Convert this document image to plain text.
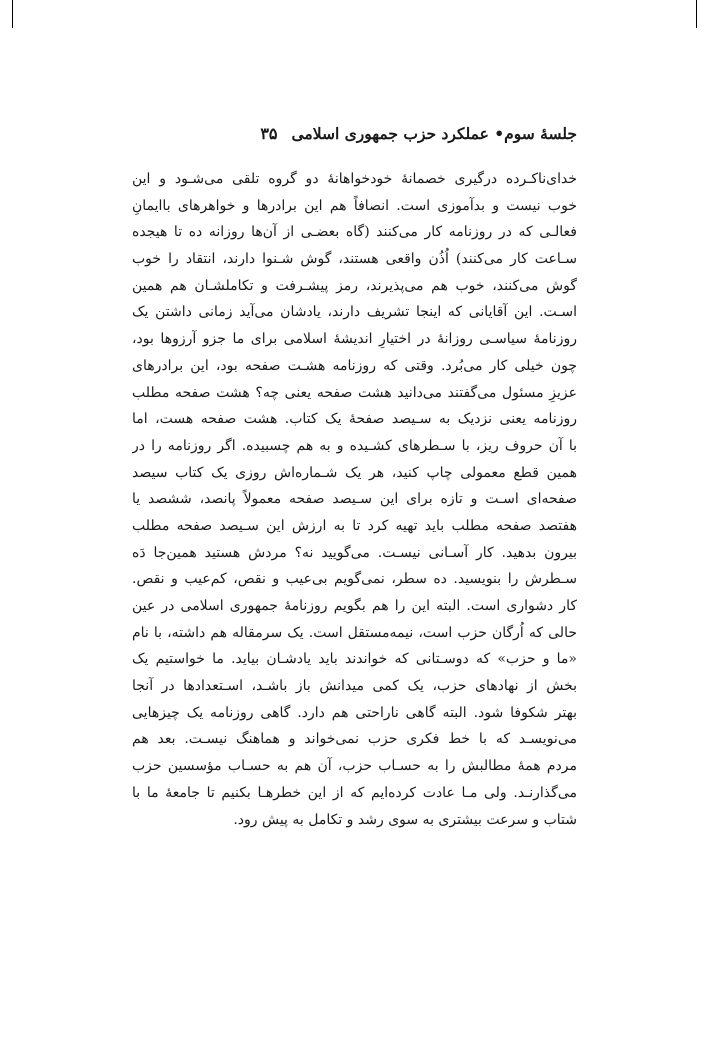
جلسهٔ سوم• عملکرد حزب جمهوری اسلامی
۳۵
خدای‌ناکـرده درگیری خصمانهٔ خودخواهانهٔ دو گروه تلقی می‌شـود و این
خوب نیست و بدآموزی است. انصافاً هم این برادرها و خواهرهای باایمانِ
فعالـی که در روزنامه کار می‌کنند (گاه بعضـی از آن‌ها روزانه ده تا هیجده
سـاعت کار می‌کنند) اُذُن واقعی هستند، گوش شـنوا دارند، انتقاد را خوب
گوش می‌کنند، خوب هم می‌پذیرند، رمز پیشـرفت و تکاملشـان هم همین
اسـت. این آقایانی که اینجا تشریف دارند، یادشان می‌آید زمانی داشتن یک
روزنامهٔ سیاسـی روزانهٔ در اختیارِ اندیشهٔ اسلامی برای ما جزو آرزوها بود،
چون خیلی کار می‌بُرد. وقتی که روزنامه هشـت صفحه بود، این برادرهای
عزیزِ مسئول می‌گفتند می‌دانید هشت صفحه یعنی چه؟ هشت صفحه مطلب
روزنامه یعنی نزدیک به سـیصد صفحهٔ یک کتاب. هشت صفحه هست، اما
با آن حروف ریز، با سـطرهای کشـیده و به هم چسبیده. اگر روزنامه را در
همین قطع معمولی چاپ کنید، هر یک شـماره‌اش روزی یک کتاب سیصد
صفحه‌ای اسـت و تازه برای این سـیصد صفحه معمولاً پانصد، ششصد یا
هفتصد صفحه مطلب باید تهیه کرد تا به ارزش این سـیصد صفحه مطلب
بیرون بدهید. کار آسـانی نیسـت. می‌گویید نه؟ مردش هستید همین‌جا دَه
سـطرش را بنویسید. ده سطر، نمی‌گویم بی‌عیب و نقص، کم‌عیب و نقص.
کار دشواری است. البته این را هم بگویم روزنامهٔ جمهوری اسلامی در عین
حالی که اُرگان حزب است، نیمه‌مستقل است. یک سرمقاله هم داشته، با نام
«ما و حزب» که دوسـتانی که خواندند باید یادشـان بیاید. ما خواستیم یک
بخش از نهادهای حزب، یک کمی میدانش باز باشـد، اسـتعدادها در آنجا
بهتر شکوفا شود. البته گاهی ناراحتی هم دارد. گاهی روزنامه یک چیزهایی
می‌نویسـد که با خط فکری حزب نمی‌خواند و هماهنگ نیسـت. بعد هم
مردم همهٔ مطالبش را به حسـاب حزب، آن هم به حسـاب مؤسسین حزب
می‌گذارنـد. ولی مـا عادت کرده‌ایم که از این خطرهـا بکنیم تا جامعهٔ ما با
شتاب و سرعت بیشتری به سوی رشد و تکامل به پیش رود.
